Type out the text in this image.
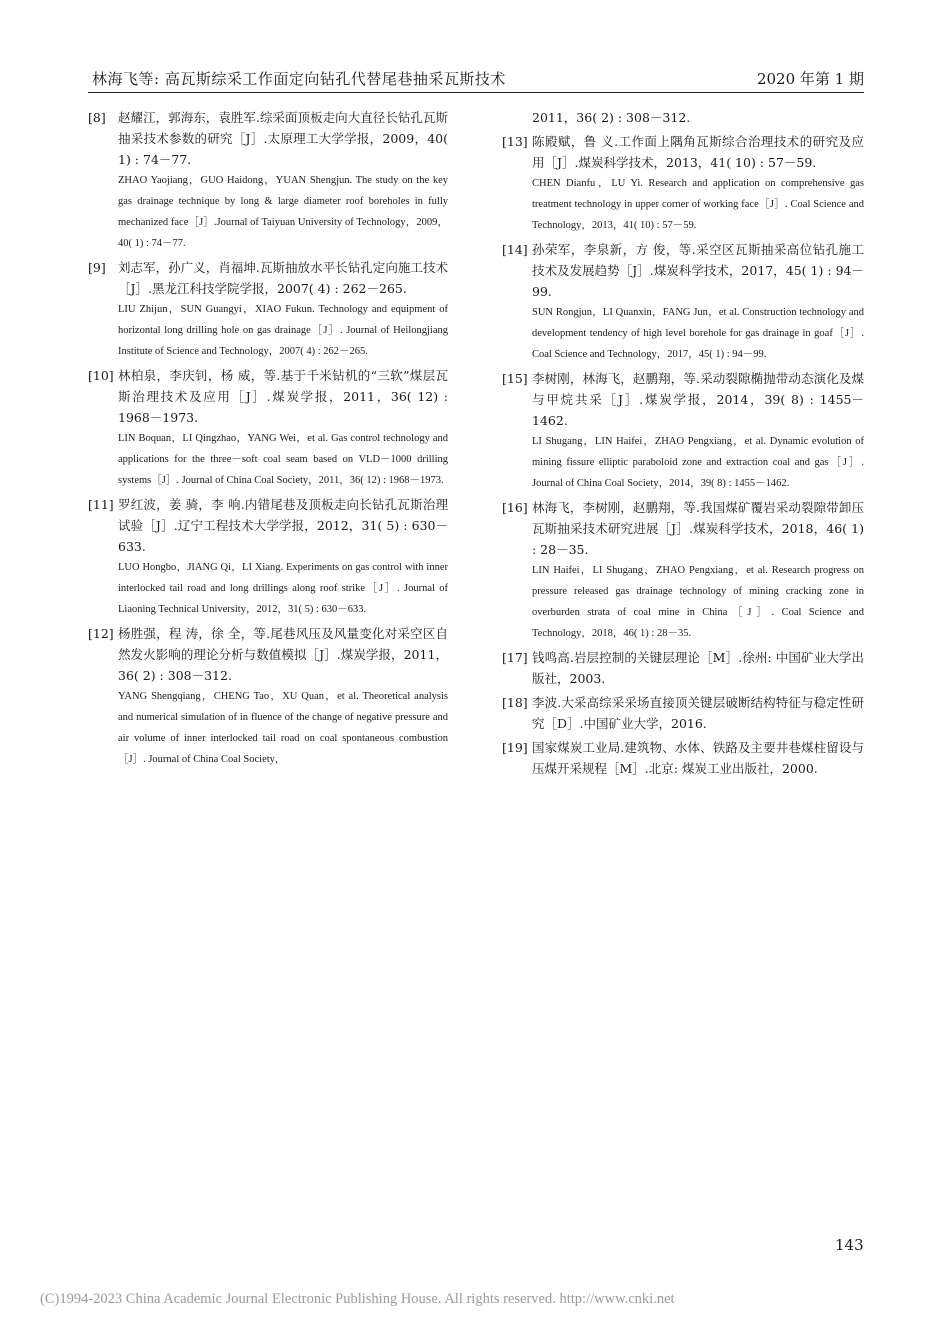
林海飞等: 高瓦斯综采工作面定向钻孔代替尾巷抽采瓦斯技术	2020 年第 1 期
[8] 赵耀江，郭海东，袁胜军.综采面顶板走向大直径长钻孔瓦斯抽采技术参数的研究［J］.太原理工大学学报，2009，40( 1) : 74－77.
ZHAO Yaojiang，GUO Haidong，YUAN Shengjun. The study on the key gas drainage technique by long & large diameter roof boreholes in fully mechanized face［J］.Journal of Taiyuan University of Technology，2009，40( 1) : 74－77.
[9] 刘志军，孙广义，肖福坤.瓦斯抽放水平长钻孔定向施工技术［J］.黑龙江科技学院学报，2007( 4) : 262－265.
LIU Zhijun，SUN Guangyi，XIAO Fukun. Technology and equipment of horizontal long drilling hole on gas drainage［J］. Journal of Heilongjiang Institute of Science and Technology，2007( 4) : 262－265.
[10] 林柏泉，李庆钊，杨 威，等.基于千米钻机的“三软”煤层瓦斯治理技术及应用［J］.煤炭学报，2011，36( 12) : 1968－1973.
LIN Boquan，LI Qingzhao，YANG Wei，et al. Gas control technology and applications for the three－soft coal seam based on VLD－1000 drilling systems［J］. Journal of China Coal Society，2011，36( 12) : 1968－1973.
[11] 罗红波，姜 骑，李 响.内错尾巷及顶板走向长钻孔瓦斯治理试验［J］.辽宁工程技术大学学报，2012，31( 5) : 630－633.
LUO Hongbo，JIANG Qi，LI Xiang. Experiments on gas control with inner interlocked tail road and long drillings along roof strike［J］. Journal of Liaoning Technical University，2012，31( 5) : 630－633.
[12] 杨胜强，程 涛，徐 全，等.尾巷风压及风量变化对采空区自然发火影响的理论分析与数值模拟［J］.煤炭学报，2011，36( 2) : 308－312.
YANG Shengqiang，CHENG Tao，XU Quan，et al. Theoretical analysis and numerical simulation of in fluence of the change of negative pressure and air volume of inner interlocked tail road on coal spontaneous combustion［J］. Journal of China Coal Society，
2011，36( 2) : 308－312.
[13] 陈殿赋，鲁 义.工作面上隅角瓦斯综合治理技术的研究及应用［J］.煤炭科学技术，2013，41( 10) : 57－59.
CHEN Dianfu，LU Yi. Research and application on comprehensive gas treatment technology in upper corner of working face［J］. Coal Science and Technology，2013，41( 10) : 57－59.
[14] 孙荣军，李泉新，方 俊，等.采空区瓦斯抽采高位钻孔施工技术及发展趋势［J］.煤炭科学技术，2017，45( 1) : 94－99.
SUN Rongjun，LI Quanxin，FANG Jun，et al. Construction technology and development tendency of high level borehole for gas drainage in goaf［J］. Coal Science and Technology，2017，45( 1) : 94－99.
[15] 李树刚，林海飞，赵鹏翔，等.采动裂隙椭抛带动态演化及煤与甲烷共采［J］.煤炭学报，2014，39( 8) : 1455－1462.
LI Shugang，LIN Haifei，ZHAO Pengxiang，et al. Dynamic evolution of mining fissure elliptic paraboloid zone and extraction coal and gas［J］. Journal of China Coal Society，2014，39( 8) : 1455－1462.
[16] 林海飞，李树刚，赵鹏翔，等.我国煤矿覆岩采动裂隙带卸压瓦斯抽采技术研究进展［J］.煤炭科学技术，2018，46( 1) : 28－35.
LIN Haifei，LI Shugang，ZHAO Pengxiang，et al. Research progress on pressure released gas drainage technology of mining cracking zone in overburden strata of coal mine in China［J］. Coal Science and Technology，2018，46( 1) : 28－35.
[17] 钱鸣高.岩层控制的关键层理论［M］.徐州: 中国矿业大学出版社，2003.
[18] 李波.大采高综采采场直接顶关键层破断结构特征与稳定性研究［D］.中国矿业大学，2016.
[19] 国家煤炭工业局.建筑物、水体、铁路及主要井巷煤柱留设与压煤开采规程［M］.北京: 煤炭工业出版社，2000.
143
(C)1994-2023 China Academic Journal Electronic Publishing House. All rights reserved. http://www.cnki.net
